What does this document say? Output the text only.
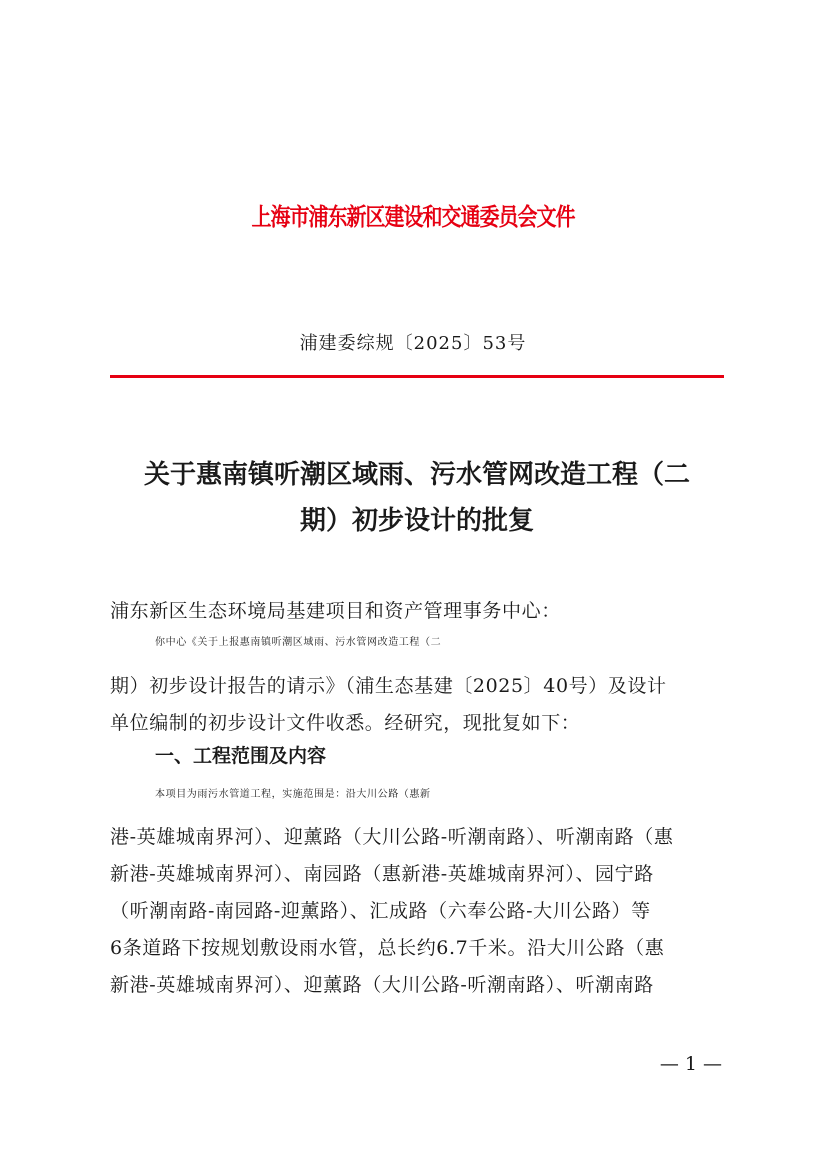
上海市浦东新区建设和交通委员会文件
浦建委综规〔2025〕53号
关于惠南镇听潮区域雨、污水管网改造工程（二
期）初步设计的批复
浦东新区生态环境局基建项目和资产管理事务中心：
你中心《关于上报惠南镇听潮区域雨、污水管网改造工程（二
期）初步设计报告的请示》（浦生态基建〔2025〕40号）及设计
单位编制的初步设计文件收悉。经研究，现批复如下：
一、工程范围及内容
本项目为雨污水管道工程，实施范围是：沿大川公路（惠新
港-英雄城南界河）、迎薰路（大川公路-听潮南路）、听潮南路（惠
新港-英雄城南界河）、南园路（惠新港-英雄城南界河）、园宁路
（听潮南路-南园路-迎薰路）、汇成路（六奉公路-大川公路）等
6条道路下按规划敷设雨水管，总长约6.7千米。沿大川公路（惠
新港-英雄城南界河）、迎薰路（大川公路-听潮南路）、听潮南路
— 1 —
